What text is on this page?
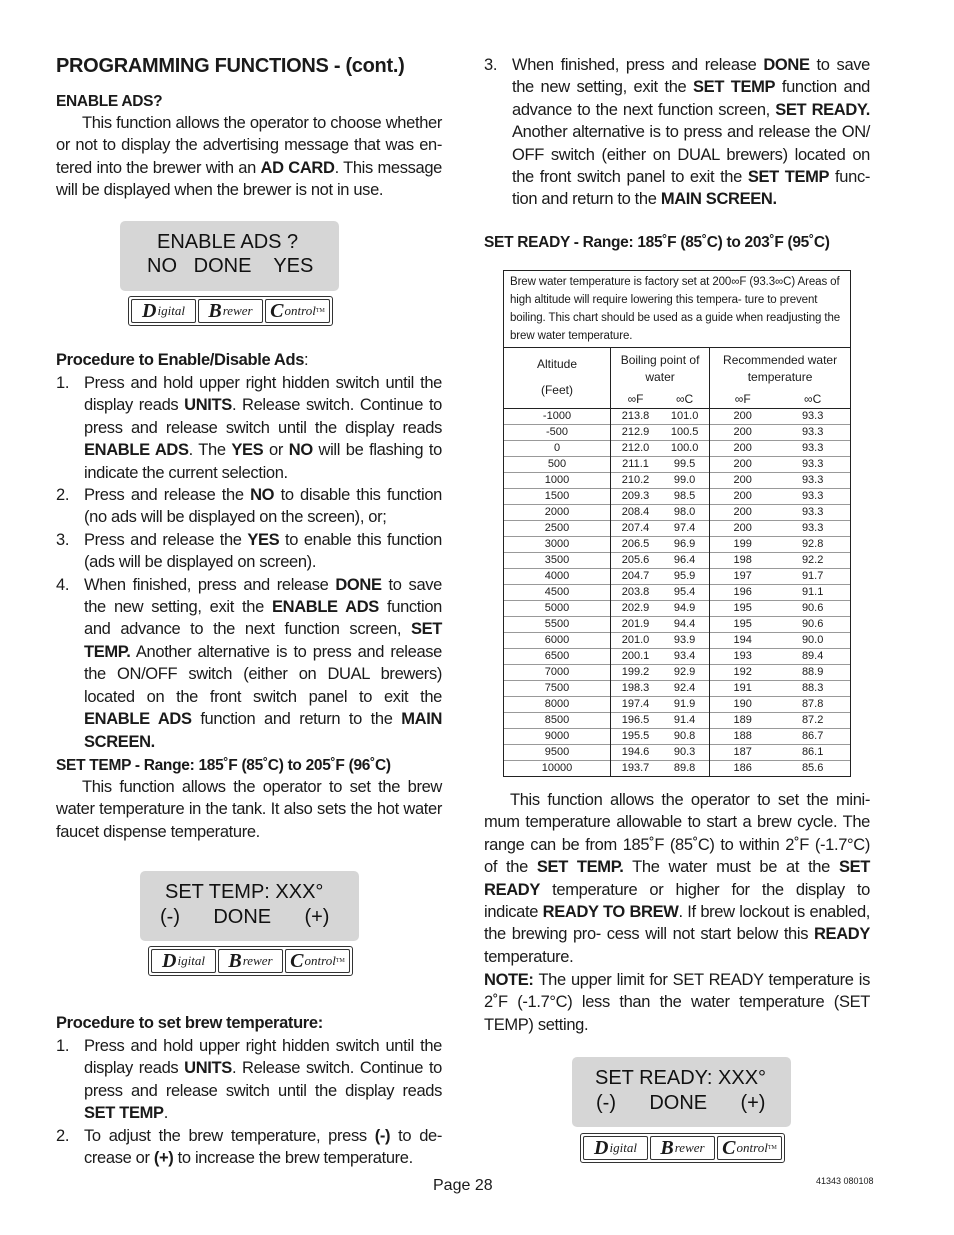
PROGRAMMING FUNCTIONS - (cont.)
ENABLE ADS?

This function allows the operator to choose whether or not to display the advertising message that was en- tered into the brewer with an AD CARD. This message will be displayed when the brewer is not in use.

ENABLE ADS ?
NO   DONE    YES
D igital B rewer C ontrol TM

Procedure to Enable/Disable Ads:

1. Press and hold upper right hidden switch until the display reads UNITS. Release switch. Continue to press and release switch until the display reads ENABLE ADS. The YES or NO will be flashing to indicate the current selection.
2. Press and release the NO to disable this function (no ads will be displayed on the screen), or;
3. Press and release the YES to enable this function (ads will be displayed on screen).
4. When finished, press and release DONE to save the new setting, exit the ENABLE ADS function and advance to the next function screen, SET TEMP. Another alternative is to press and release the ON/OFF switch (either on DUAL brewers) located on the front switch panel to exit the ENABLE ADS function and return to the MAIN SCREEN.
SET TEMP - Range: 185˚F (85˚C) to 205˚F (96˚C)

This function allows the operator to set the brew water temperature in the tank. It also sets the hot water faucet dispense temperature.

SET TEMP: XXX°
(-)      DONE      (+)
D igital B rewer C ontrol TM

Procedure to set brew temperature:

1. Press and hold upper right hidden switch until the display reads UNITS. Release switch. Continue to press and release switch until the display reads SET TEMP.
2. To adjust the brew temperature, press (-) to de- crease or (+) to increase the brew temperature.
3. When finished, press and release DONE to save the new setting, exit the SET TEMP function and advance to the next function screen, SET READY. Another alternative is to press and release the ON/ OFF switch (either on DUAL brewers) located on the front switch panel to exit the SET TEMP func- tion and return to the MAIN SCREEN.
SET READY - Range: 185˚F (85˚C) to 203˚F (95˚C)
Brew water temperature is factory set at 200∞F (93.3∞C) Areas of high altitude will require lowering this tempera- ture to prevent boiling. This chart should be used as a guide when readjusting the brew water temperature.
Altitude
(Feet)	Boiling point of water		Recommended water temperature	

	∞F	∞C	∞F	∞C
-1000	213.8	101.0	200	93.3
-500	212.9	100.5	200	93.3
0	212.0	100.0	200	93.3
500	211.1	99.5	200	93.3
1000	210.2	99.0	200	93.3
1500	209.3	98.5	200	93.3
2000	208.4	98.0	200	93.3
2500	207.4	97.4	200	93.3
3000	206.5	96.9	199	92.8
3500	205.6	96.4	198	92.2
4000	204.7	95.9	197	91.7
4500	203.8	95.4	196	91.1
5000	202.9	94.9	195	90.6
5500	201.9	94.4	195	90.6
6000	201.0	93.9	194	90.0
6500	200.1	93.4	193	89.4
7000	199.2	92.9	192	88.9
7500	198.3	92.4	191	88.3
8000	197.4	91.9	190	87.8
8500	196.5	91.4	189	87.2
9000	195.5	90.8	188	86.7
9500	194.6	90.3	187	86.1
10000	193.7	89.8	186	85.6

This function allows the operator to set the mini- mum temperature allowable to start a brew cycle. The range can be from 185˚F (85˚C) to within 2˚F (-1.7°C) of the SET TEMP. The water must be at the SET READY temperature or higher for the display to indicate READY TO BREW. If brew lockout is enabled, the brewing pro- cess will not start below this READY temperature.

NOTE: The upper limit for SET READY temperature is 2˚F (-1.7°C) less than the water temperature (SET TEMP) setting.

SET READY: XXX°
(-)      DONE      (+)
D igital B rewer C ontrol TM
Page 28	41343 080108
